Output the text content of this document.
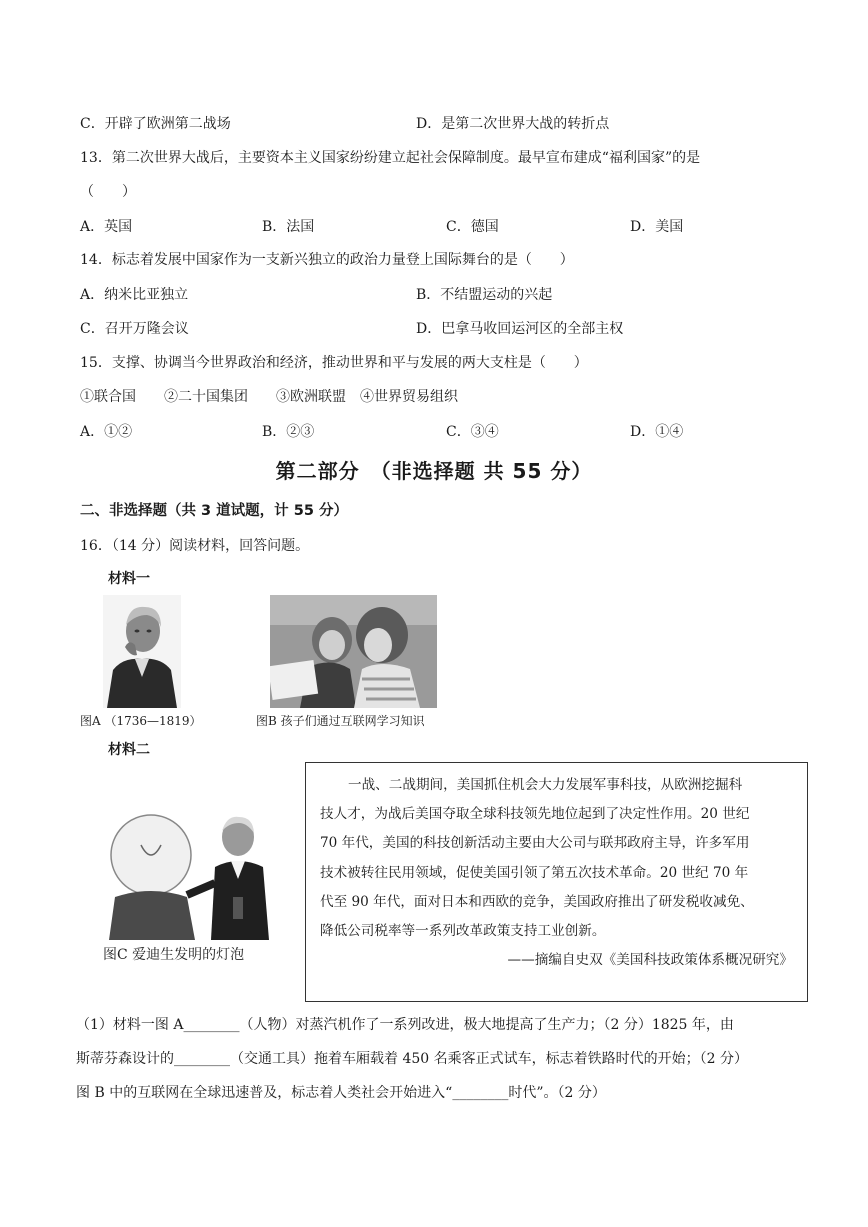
C．开辟了欧洲第二战场	D．是第二次世界大战的转折点
13．第二次世界大战后，主要资本主义国家纷纷建立起社会保障制度。最早宣布建成“福利国家”的是
（　　）
A．英国	B．法国	C．德国	D．美国
14．标志着发展中国家作为一支新兴独立的政治力量登上国际舞台的是（　　）
A．纳米比亚独立	B．不结盟运动的兴起
C．召开万隆会议	D．巴拿马收回运河区的全部主权
15．支撑、协调当今世界政治和经济，推动世界和平与发展的两大支柱是（　　）
①联合国　　②二十国集团　　③欧洲联盟　④世界贸易组织
A．①②	B．②③	C．③④	D．①④
第二部分　（非选择题 共 55 分）
二、非选择题（共 3 道试题，计 55 分）
16．（14 分）阅读材料，回答问题。
材料一
图A （1736—1819）	图B 孩子们通过互联网学习知识
材料二
图C 爱迪生发明的灯泡
一战、二战期间，美国抓住机会大力发展军事科技，从欧洲挖掘科
技人才，为战后美国夺取全球科技领先地位起到了决定性作用。20 世纪
70 年代，美国的科技创新活动主要由大公司与联邦政府主导，许多军用
技术被转往民用领域，促使美国引领了第五次技术革命。20 世纪 70 年
代至 90 年代，面对日本和西欧的竞争，美国政府推出了研发税收减免、
降低公司税率等一系列改革政策支持工业创新。
——摘编自史双《美国科技政策体系概况研究》
（1）材料一图 A________（人物）对蒸汽机作了一系列改进，极大地提高了生产力；（2 分）1825 年，由
斯蒂芬森设计的________（交通工具）拖着车厢载着 450 名乘客正式试车，标志着铁路时代的开始；（2 分）
图 B 中的互联网在全球迅速普及，标志着人类社会开始进入“________时代”。（2 分）
